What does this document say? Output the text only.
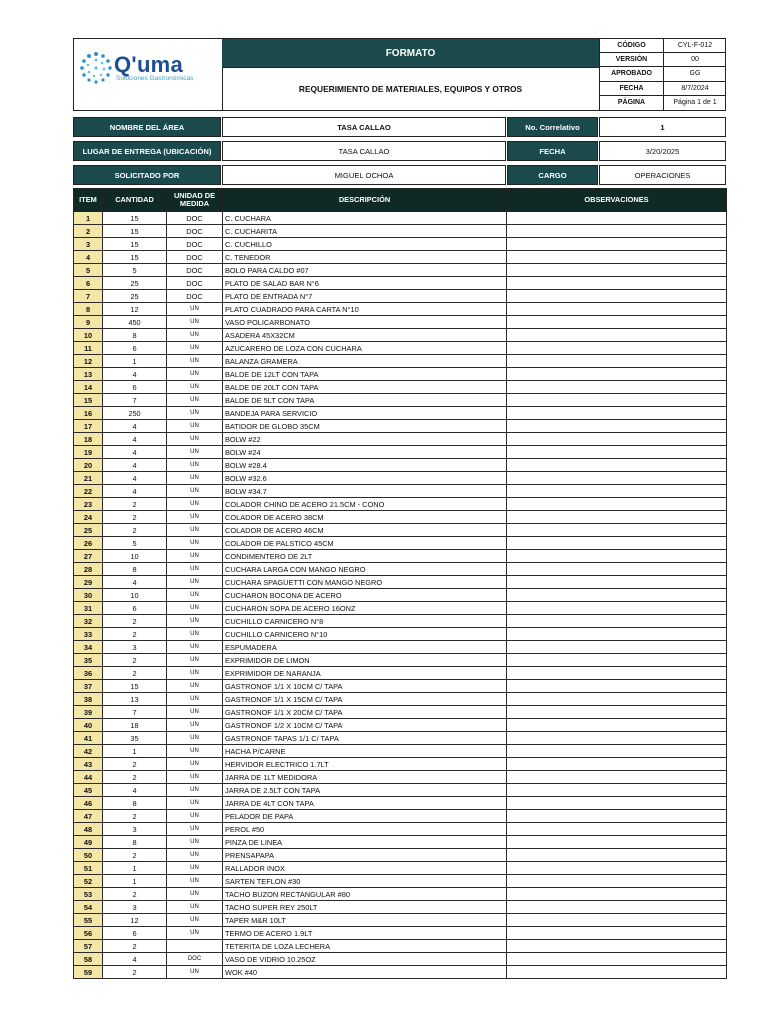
Q'uma
Soluciones Gastronómicas
FORMATO
REQUERIMIENTO DE MATERIALES, EQUIPOS Y OTROS
CÓDIGO	CYL-F-012
VERSIÓN	00
APROBADO	GG
FECHA	8/7/2024
PÁGINA	Página 1 de 1
NOMBRE DEL ÁREA	TASA CALLAO	No. Correlativo	1
LUGAR DE ENTREGA (UBICACIÓN)	TASA CALLAO	FECHA	3/20/2025
SOLICITADO POR	MIGUEL OCHOA	CARGO	OPERACIONES
ITEM	CANTIDAD	UNIDAD DE MEDIDA	DESCRIPCIÓN	OBSERVACIONES
1	15	DOC	C. CUCHARA	
2	15	DOC	C. CUCHARITA	
3	15	DOC	C. CUCHILLO	
4	15	DOC	C. TENEDOR	
5	5	DOC	BOLO PARA CALDO #07	
6	25	DOC	PLATO DE SALAD BAR N°6	
7	25	DOC	PLATO DE ENTRADA N°7	
8	12	UN	PLATO CUADRADO PARA CARTA N°10	
9	450	UN	VASO POLICARBONATO	
10	8	UN	ASADERA 45X32CM	
11	6	UN	AZUCARERO DE LOZA CON CUCHARA	
12	1	UN	BALANZA GRAMERA	
13	4	UN	BALDE DE 12LT CON TAPA	
14	6	UN	BALDE DE 20LT CON TAPA	
15	7	UN	BALDE DE 5LT CON TAPA	
16	250	UN	BANDEJA PARA SERVICIO	
17	4	UN	BATIDOR DE GLOBO 35CM	
18	4	UN	BOLW #22	
19	4	UN	BOLW #24	
20	4	UN	BOLW #28.4	
21	4	UN	BOLW #32.6	
22	4	UN	BOLW #34.7	
23	2	UN	COLADOR CHINO DE ACERO 21.5CM - CONO	
24	2	UN	COLADOR DE ACERO 38CM	
25	2	UN	COLADOR DE ACERO 46CM	
26	5	UN	COLADOR DE PALSTICO 45CM	
27	10	UN	CONDIMENTERO DE 2LT	
28	8	UN	CUCHARA LARGA CON MANGO NEGRO	
29	4	UN	CUCHARA SPAGUETTI CON MANGO NEGRO	
30	10	UN	CUCHARON BOCONA DE ACERO	
31	6	UN	CUCHARON SOPA DE ACERO 16ONZ	
32	2	UN	CUCHILLO CARNICERO N°8	
33	2	UN	CUCHILLO CARNICERO N°10	
34	3	UN	ESPUMADERA	
35	2	UN	EXPRIMIDOR DE LIMON	
36	2	UN	EXPRIMIDOR DE NARANJA	
37	15	UN	GASTRONOF 1/1 X 10CM C/ TAPA	
38	13	UN	GASTRONOF 1/1 X 15CM C/ TAPA	
39	7	UN	GASTRONOF 1/1 X 20CM C/ TAPA	
40	18	UN	GASTRONOF 1/2 X 10CM C/ TAPA	
41	35	UN	GASTRONOF TAPAS 1/1 C/ TAPA	
42	1	UN	HACHA P/CARNE	
43	2	UN	HERVIDOR ELECTRICO 1.7LT	
44	2	UN	JARRA DE 1LT MEDIDORA	
45	4	UN	JARRA DE 2.5LT CON TAPA	
46	8	UN	JARRA DE 4LT CON TAPA	
47	2	UN	PELADOR DE PAPA	
48	3	UN	PEROL #50	
49	8	UN	PINZA DE LINEA	
50	2	UN	PRENSAPAPA	
51	1	UN	RALLADOR INOX	
52	1	UN	SARTEN TEFLON #30	
53	2	UN	TACHO BUZON RECTANGULAR #80	
54	3	UN	TACHO SUPER REY 250LT	
55	12	UN	TAPER M&R 10LT	
56	6	UN	TERMO DE ACERO 1.9LT	
57	2		TETERITA DE LOZA LECHERA	
58	4	DOC	VASO DE VIDRIO 10.25OZ	
59	2	UN	WOK #40	
